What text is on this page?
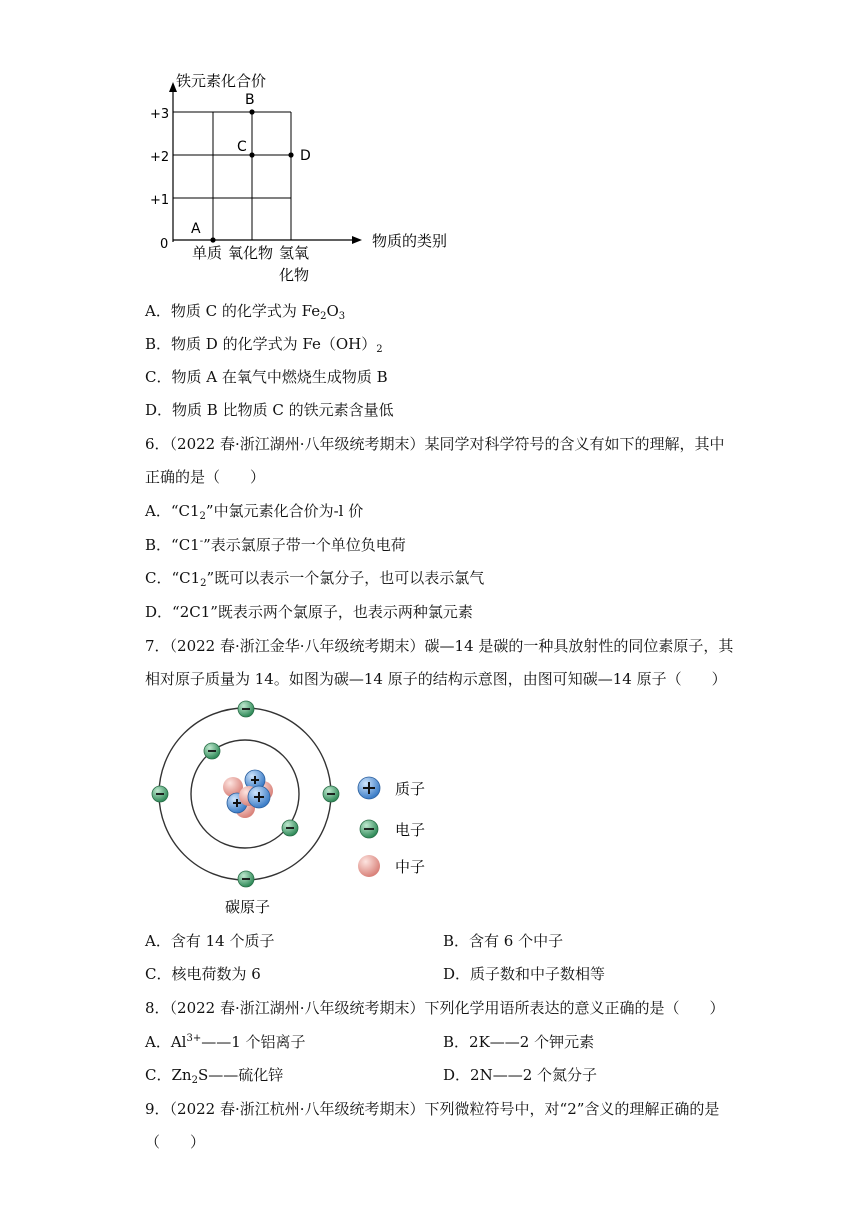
铁元素化合价
物质的类别
+3
+2
+1
0 单质 氧化物 氢氧
化物
A
B
C
D
A．物质 C 的化学式为 $Fe_2O_3$
B．物质 D 的化学式为 $Fe(OH)_2$
C．物质 A 在氧气中燃烧生成物质 B
D．物质 B 比物质 C 的铁元素含量低
6．（2022 春·浙江湖州·八年级统考期末）某同学对科学符号的含义有如下的理解，其中
正确的是（　　）
A．“$C1_2$”中氯元素化合价为-l 价
B．“C1-”表示氯原子带一个单位负电荷
C．“$C1_2$”既可以表示一个氯分子，也可以表示氯气
D．“2C1”既表示两个氯原子，也表示两种氯元素
7．（2022 春·浙江金华·八年级统考期末）碳—14 是碳的一种具放射性的同位素原子，其
相对原子质量为 14。如图为碳—14 原子的结构示意图，由图可知碳—14 原子（　　）
碳原子
质子
电子
中子
A．含有 14 个质子	B．含有 6 个中子
C．核电荷数为 6	D．质子数和中子数相等
8．（2022 春·浙江湖州·八年级统考期末）下列化学用语所表达的意义正确的是（　　）
A．$Al^{3+}——1$ 个铝离子	B．2K——2 个钾元素
C．$Zn_2S——$硫化锌	D．2N——2 个氮分子
9．（2022 春·浙江杭州·八年级统考期末）下列微粒符号中，对“2”含义的理解正确的是
（　　）
